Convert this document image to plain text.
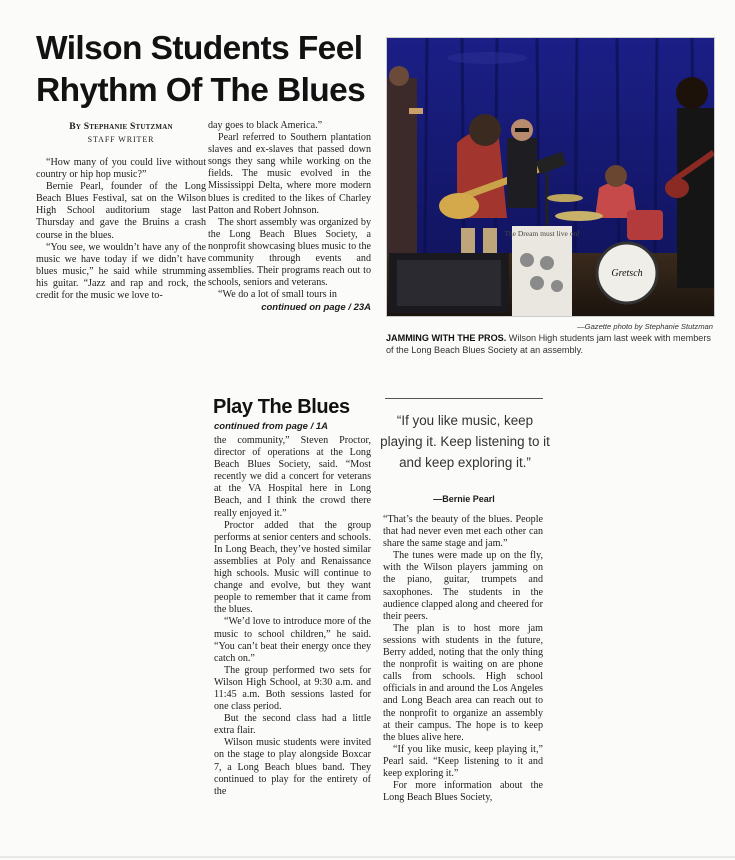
Wilson Students Feel Rhythm Of The Blues
By Stephanie Stutzman
STAFF WRITER

“How many of you could live without country or hip hop music?”

Bernie Pearl, founder of the Long Beach Blues Festival, sat on the Wilson High School auditorium stage last Thursday and gave the Bruins a crash course in the blues.

“You see, we wouldn’t have any of the music we have today if we didn’t have blues music,” he said while strumming his guitar. “Jazz and rap and rock, the credit for the music we love to-

day goes to black America.”

Pearl referred to Southern plantation slaves and ex-slaves that passed down songs they sang while working on the fields. The music evolved in the Mississippi Delta, where more modern blues is credited to the likes of Charley Patton and Robert Johnson.

The short assembly was organized by the Long Beach Blues Society, a nonprofit showcasing blues music to the community through events and assemblies. Their programs reach out to schools, seniors and veterans.

“We do a lot of small tours in

continued on page / 23A
Gretsch
The Dream must live on!
—Gazette photo by Stephanie Stutzman
JAMMING WITH THE PROS. Wilson High students jam last week with members of the Long Beach Blues Society at an assembly.
Play The Blues
continued from page / 1A

the community,” Steven Proctor, director of operations at the Long Beach Blues Society, said. “Most recently we did a concert for veterans at the VA Hospital here in Long Beach, and I think the crowd there really enjoyed it.”

Proctor added that the group performs at senior centers and schools. In Long Beach, they’ve hosted similar assemblies at Poly and Renaissance high schools. Music will continue to change and evolve, but they want people to remember that it came from the blues.

“We’d love to introduce more of the music to school children,” he said. “You can’t beat their energy once they catch on.”

The group performed two sets for Wilson High School, at 9:30 a.m. and 11:45 a.m. Both sessions lasted for one class period.

But the second class had a little extra flair.

Wilson music students were invited on the stage to play alongside Boxcar 7, a Long Beach blues band. They continued to play for the entirety of the

“If you like music, keep playing it. Keep listening to it and keep exploring it.”
—Bernie Pearl

“That’s the beauty of the blues. People that had never even met each other can share the same stage and jam.”

The tunes were made up on the fly, with the Wilson players jamming on the piano, guitar, trumpets and saxophones. The students in the audience clapped along and cheered for their peers.

The plan is to host more jam sessions with students in the future, Berry added, noting that the only thing the nonprofit is waiting on are phone calls from schools. High school officials in and around the Los Angeles and Long Beach area can reach out to the nonprofit to organize an assembly at their campus. The hope is to keep the blues alive here.

“If you like music, keep playing it,” Pearl said. “Keep listening to it and keep exploring it.”

For more information about the Long Beach Blues Society,
